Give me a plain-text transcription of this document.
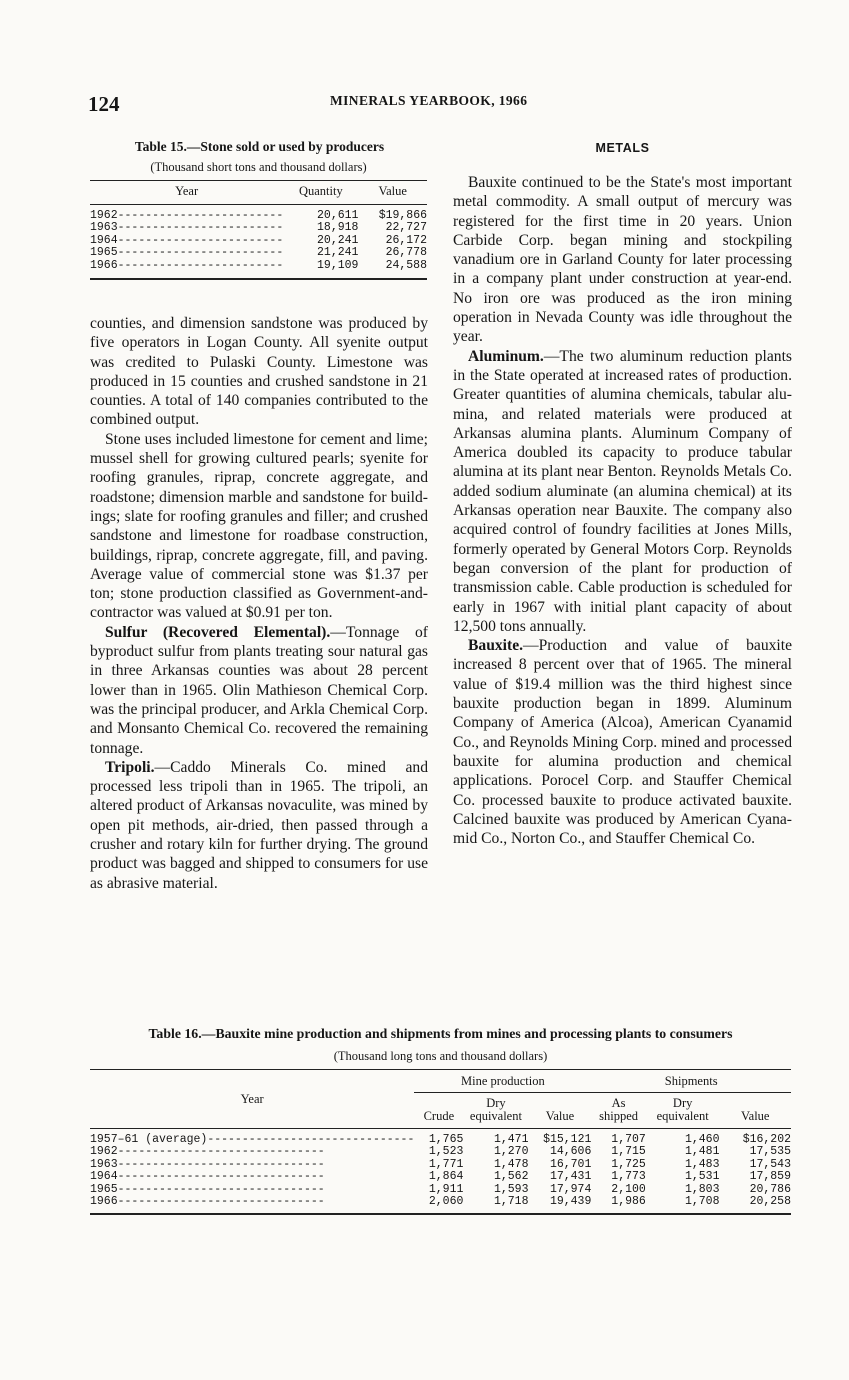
124	MINERALS YEARBOOK, 1966
Table 15.—Stone sold or used by producers
(Thousand short tons and thousand dollars)
Year	Quantity	Value
1962------------------------	20,611	$19,866
1963------------------------	18,918	22,727
1964------------------------	20,241	26,172
1965------------------------	21,241	26,778
1966------------------------	19,109	24,588

counties, and dimension sandstone was produced by five operators in Logan County. All syenite output was credited to Pulaski County. Limestone was produced in 15 counties and crushed sandstone in 21 counties. A total of 140 companies contributed to the combined output.

Stone uses included limestone for cement and lime; mussel shell for growing cultured pearls; syenite for roofing granules, riprap, concrete aggregate, and roadstone; dimension marble and sandstone for buildings; slate for roofing granules and filler; and crushed sandstone and limestone for roadbase construction, buildings, riprap, concrete aggregate, fill, and paving. Average value of commercial stone was $1.37 per ton; stone production classified as Government-and-contractor was valued at $0.91 per ton.

Sulfur (Recovered Elemental).—Tonnage of byproduct sulfur from plants treating sour natural gas in three Arkansas counties was about 28 percent lower than in 1965. Olin Mathieson Chemical Corp. was the principal producer, and Arkla Chemical Corp. and Monsanto Chemical Co. recovered the remaining tonnage.

Tripoli.—Caddo Minerals Co. mined and processed less tripoli than in 1965. The tripoli, an altered product of Arkansas novaculite, was mined by open pit methods, air-dried, then passed through a crusher and rotary kiln for further drying. The ground product was bagged and shipped to consumers for use as abrasive material.

METALS

Bauxite continued to be the State's most important metal commodity. A small output of mercury was registered for the first time in 20 years. Union Carbide Corp. began mining and stockpiling vanadium ore in Garland County for later processing in a company plant under construction at year-end. No iron ore was produced as the iron mining operation in Nevada County was idle throughout the year.

Aluminum.—The two aluminum reduction plants in the State operated at increased rates of production. Greater quantities of alumina chemicals, tabular alumina, and related materials were produced at Arkansas alumina plants. Aluminum Company of America doubled its capacity to produce tabular alumina at its plant near Benton. Reynolds Metals Co. added sodium aluminate (an alumina chemical) at its Arkansas operation near Bauxite. The company also acquired control of foundry facilities at Jones Mills, formerly operated by General Motors Corp. Reynolds began conversion of the plant for production of transmission cable. Cable production is scheduled for early in 1967 with initial plant capacity of about 12,500 tons annually.

Bauxite.—Production and value of bauxite increased 8 percent over that of 1965. The mineral value of $19.4 million was the third highest since bauxite production began in 1899. Aluminum Company of America (Alcoa), American Cyanamid Co., and Reynolds Mining Corp. mined and processed bauxite for alumina production and chemical applications. Porocel Corp. and Stauffer Chemical Co. processed bauxite to produce activated bauxite. Calcined bauxite was produced by American Cyanamid Co., Norton Co., and Stauffer Chemical Co.

Table 16.—Bauxite mine production and shipments from mines and processing plants to consumers
(Thousand long tons and thousand dollars)
Year	Mine production			Shipments		
	Crude	Dry equivalent	Value	As shipped	Dry equivalent	Value
1957–61 (average)------------------------------	1,765	1,471	$15,121	1,707	1,460	$16,202
1962------------------------------	1,523	1,270	14,606	1,715	1,481	17,535
1963------------------------------	1,771	1,478	16,701	1,725	1,483	17,543
1964------------------------------	1,864	1,562	17,431	1,773	1,531	17,859
1965------------------------------	1,911	1,593	17,974	2,100	1,803	20,786
1966------------------------------	2,060	1,718	19,439	1,986	1,708	20,258
